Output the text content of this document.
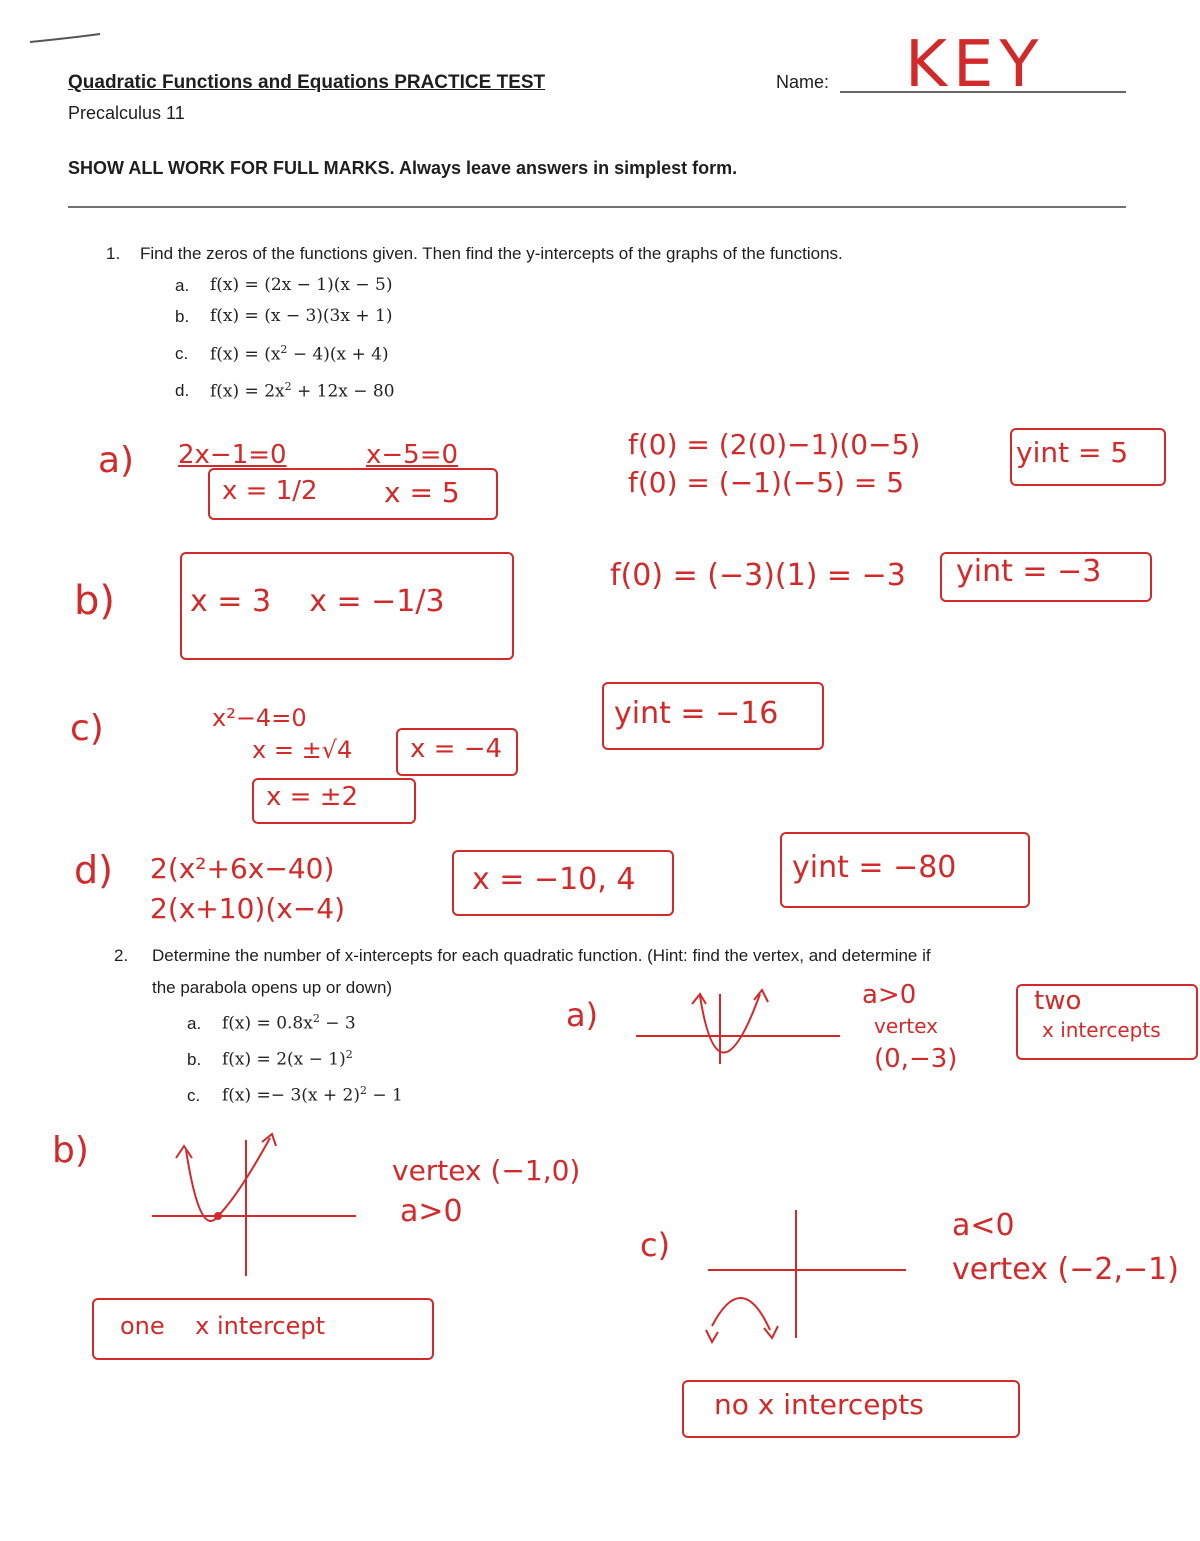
Quadratic Functions and Equations PRACTICE TEST
Precalculus 11
Name: KEY
SHOW ALL WORK FOR FULL MARKS. Always leave answers in simplest form.
1. Find the zeros of the functions given. Then find the y-intercepts of the graphs of the functions.
a. f(x) = (2x − 1)(x − 5)
b. f(x) = (x − 3)(3x + 1)
c. $f(x) = (x^2 - 4)(x + 4)$
d. $f(x) = 2x^2 + 12x - 80$
a) 2x−1=0	x−5=0
x = 1/2 x = 5
f(0) = (2(0)−1)(0−5)
f(0) = (−1)(−5) = 5
yint = 5
b)	x = 3    x = −1/3
f(0) = (−3)(1) = −3 yint = −3
c)	x²−4=0
x = ±√4
x = ±2
x = −4
yint = −16
d) 2(x²+6x−40)
2(x+10)(x−4)
x = −10, 4	yint = −80
2. Determine the number of x-intercepts for each quadratic function. (Hint: find the vertex, and determine if
the parabola opens up or down)
a. $f(x) = 0.8x^2 - 3$
b. $f(x) = 2(x - 1)^2$
c. $f(x) =- 3(x + 2)^2 - 1$
a)
a>0
vertex
(0,−3)
two
x intercepts
b)	vertex (−1,0)
a>0
one    x intercept
c)
a<0
vertex (−2,−1)
no x intercepts
